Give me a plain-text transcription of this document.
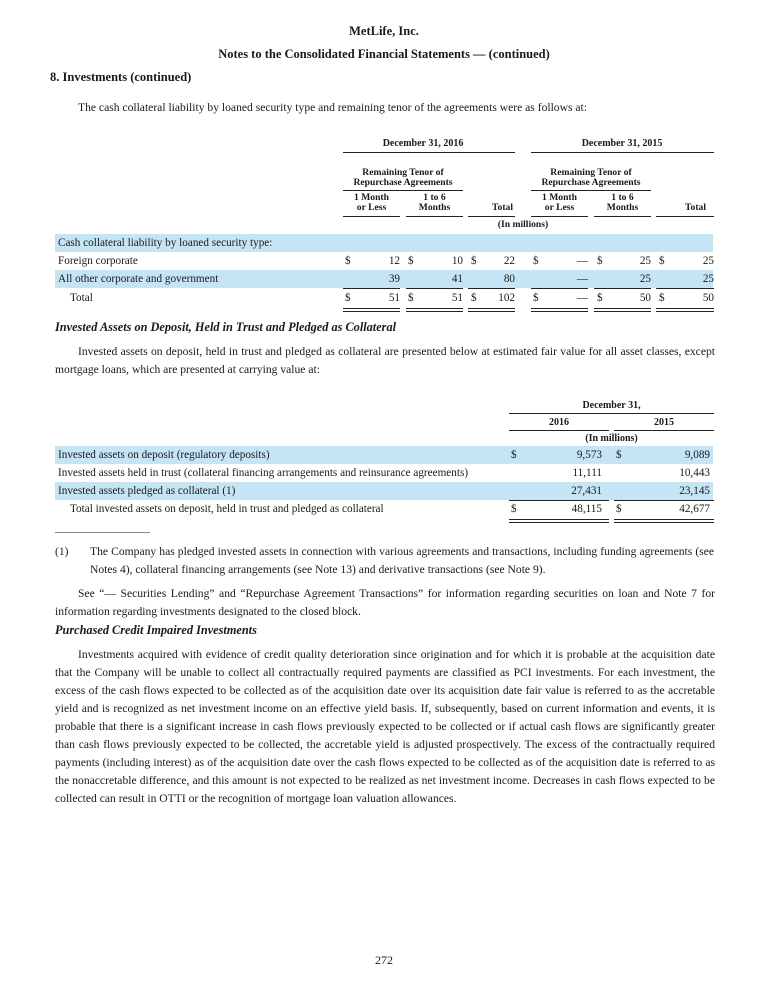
MetLife, Inc.
Notes to the Consolidated Financial Statements — (continued)
8. Investments (continued)
The cash collateral liability by loaned security type and remaining tenor of the agreements were as follows at:
December 31, 2016	December 31, 2015
Remaining Tenor of
Repurchase Agreements
Remaining Tenor of
Repurchase Agreements
1 Month
or Less
1 to 6
Months	Total
1 Month
or Less
1 to 6
Months	Total
(In millions)
Cash collateral liability by loaned security type:
Foreign corporate	$	12 $	10 $	22 $	— $	25 $	25
All other corporate and government	39	41	80	—	25	25
Total	$	51 $	51 $	102 $	— $	50 $	50
Invested Assets on Deposit, Held in Trust and Pledged as Collateral
Invested assets on deposit, held in trust and pledged as collateral are presented below at estimated fair value for all asset classes, except mortgage loans, which are presented at carrying value at:
December 31,
2016	2015
(In millions)
Invested assets on deposit (regulatory deposits)	$	9,573 $	9,089
Invested assets held in trust (collateral financing arrangements and reinsurance agreements)	11,111	10,443
Invested assets pledged as collateral (1)	27,431	23,145
Total invested assets on deposit, held in trust and pledged as collateral	$	48,115 $	42,677
(1) The Company has pledged invested assets in connection with various agreements and transactions, including funding agreements (see Notes 4), collateral financing arrangements (see Note 13) and derivative transactions (see Note 9).
See “— Securities Lending” and “Repurchase Agreement Transactions” for information regarding securities on loan and Note 7 for information regarding investments designated to the closed block.
Purchased Credit Impaired Investments
Investments acquired with evidence of credit quality deterioration since origination and for which it is probable at the acquisition date that the Company will be unable to collect all contractually required payments are classified as PCI investments. For each investment, the excess of the cash flows expected to be collected as of the acquisition date over its acquisition date fair value is referred to as the accretable yield and is recognized as net investment income on an effective yield basis. If, subsequently, based on current information and events, it is probable that there is a significant increase in cash flows previously expected to be collected or if actual cash flows are significantly greater than cash flows previously expected to be collected, the accretable yield is adjusted prospectively. The excess of the contractually required payments (including interest) as of the acquisition date over the cash flows expected to be collected as of the acquisition date is referred to as the nonaccretable difference, and this amount is not expected to be realized as net investment income. Decreases in cash flows expected to be collected can result in OTTI or the recognition of mortgage loan valuation allowances.
272
